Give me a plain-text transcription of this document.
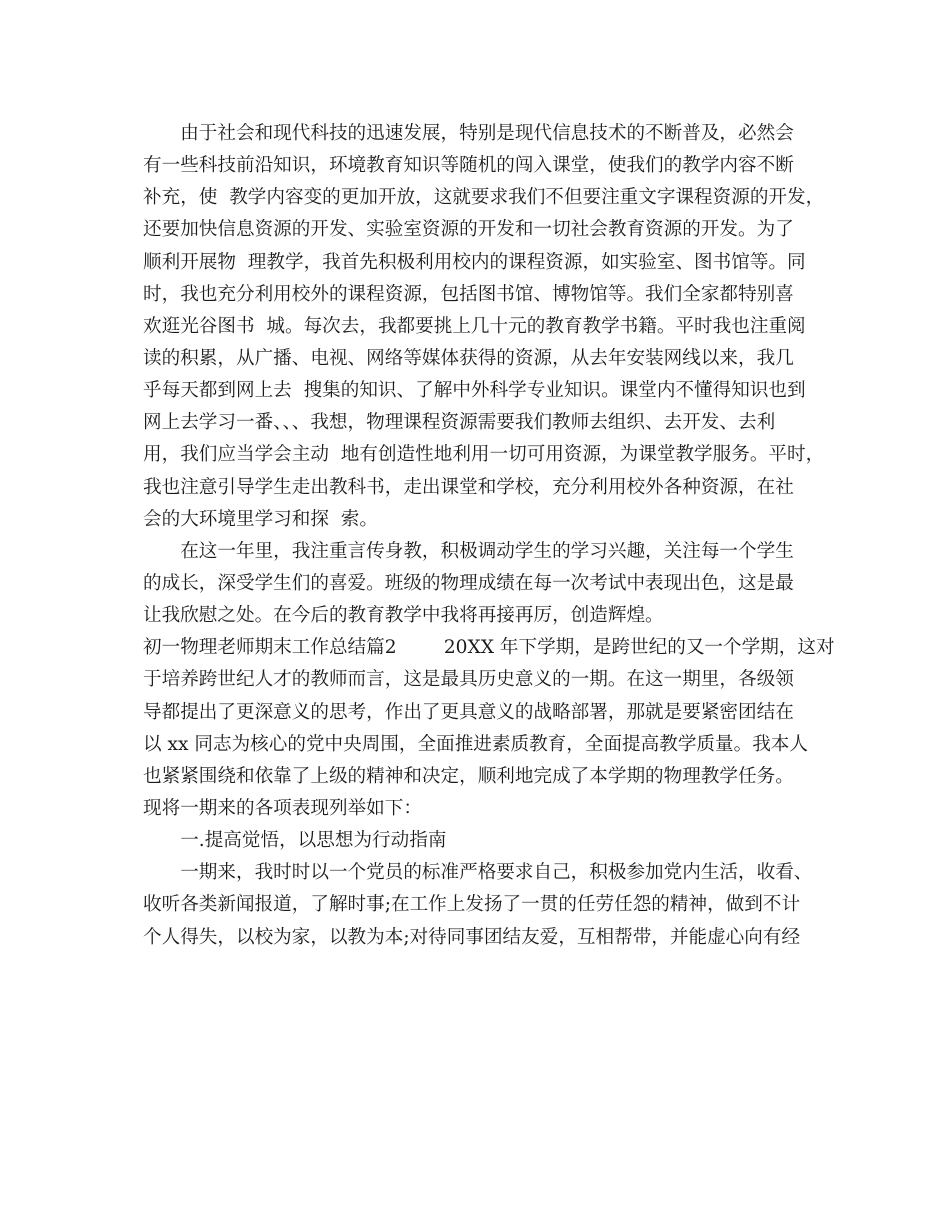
　　由于社会和现代科技的迅速发展，特别是现代信息技术的不断普及，必然会
有一些科技前沿知识，环境教育知识等随机的闯入课堂，使我们的教学内容不断
补充，使  教学内容变的更加开放，这就要求我们不但要注重文字课程资源的开发，
还要加快信息资源的开发、实验室资源的开发和一切社会教育资源的开发。为了
顺利开展物  理教学，我首先积极利用校内的课程资源，如实验室、图书馆等。同
时，我也充分利用校外的课程资源，包括图书馆、博物馆等。我们全家都特别喜
欢逛光谷图书  城。每次去，我都要挑上几十元的教育教学书籍。平时我也注重阅
读的积累，从广播、电视、网络等媒体获得的资源，从去年安装网线以来，我几
乎每天都到网上去  搜集的知识、了解中外科学专业知识。课堂内不懂得知识也到
网上去学习一番、、、我想，物理课程资源需要我们教师去组织、去开发、去利
用，我们应当学会主动  地有创造性地利用一切可用资源，为课堂教学服务。平时，
我也注意引导学生走出教科书，走出课堂和学校，充分利用校外各种资源，在社
会的大环境里学习和探  索。
　　在这一年里，我注重言传身教，积极调动学生的学习兴趣，关注每一个学生
的成长，深受学生们的喜爱。班级的物理成绩在每一次考试中表现出色，这是最
让我欣慰之处。在今后的教育教学中我将再接再厉，创造辉煌。
初一物理老师期末工作总结篇2        20XX 年下学期，是跨世纪的又一个学期，这对
于培养跨世纪人才的教师而言，这是最具历史意义的一期。在这一期里，各级领
导都提出了更深意义的思考，作出了更具意义的战略部署，那就是要紧密团结在
以 xx 同志为核心的党中央周围，全面推进素质教育，全面提高教学质量。我本人
也紧紧围绕和依靠了上级的精神和决定，顺利地完成了本学期的物理教学任务。
现将一期来的各项表现列举如下：
　　一.提高觉悟，以思想为行动指南
　　一期来，我时时以一个党员的标准严格要求自己，积极参加党内生活，收看、
收听各类新闻报道，了解时事;在工作上发扬了一贯的任劳任怨的精神，做到不计
个人得失，以校为家，以教为本;对待同事团结友爱，互相帮带，并能虚心向有经
